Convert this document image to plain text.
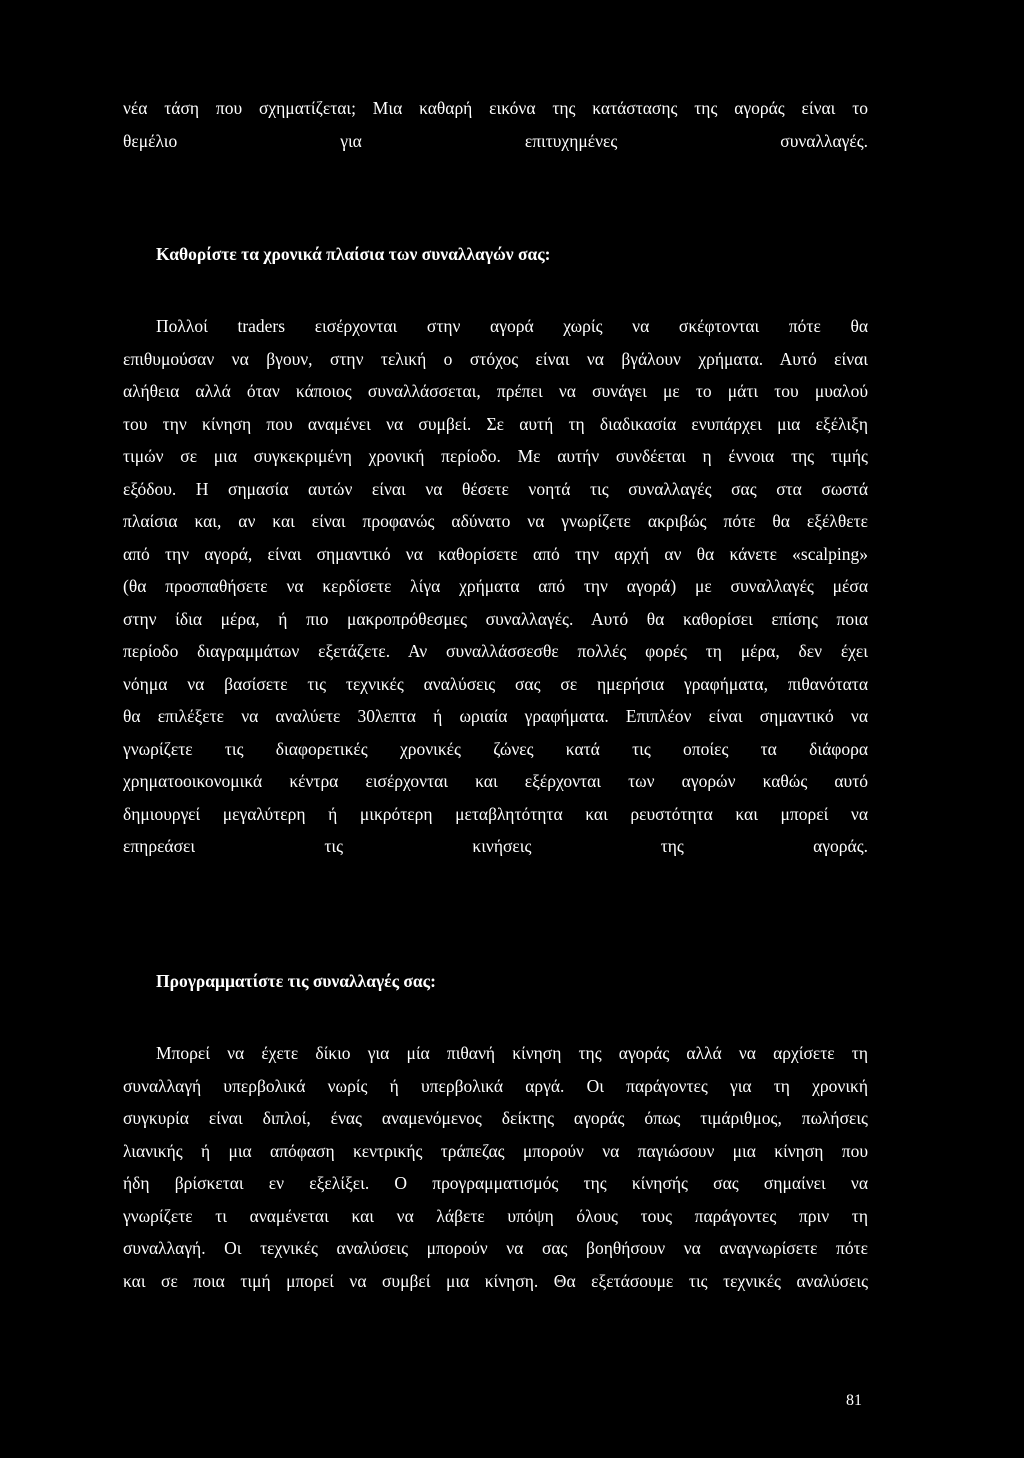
νέα τάση που σχηματίζεται; Μια καθαρή εικόνα της κατάστασης της αγοράς είναι το
θεμέλιο για επιτυχημένες συναλλαγές.
Καθορίστε τα χρονικά πλαίσια των συναλλαγών σας:
Πολλοί traders εισέρχονται στην αγορά χωρίς να σκέφτονται πότε θα
επιθυμούσαν να βγουν, στην τελική ο στόχος είναι να βγάλουν χρήματα. Αυτό είναι
αλήθεια αλλά όταν κάποιος συναλλάσσεται, πρέπει να συνάγει με το μάτι του μυαλού
του την κίνηση που αναμένει να συμβεί. Σε αυτή τη διαδικασία ενυπάρχει μια εξέλιξη
τιμών σε μια συγκεκριμένη χρονική περίοδο. Με αυτήν συνδέεται η έννοια της τιμής
εξόδου. Η σημασία αυτών είναι να θέσετε νοητά τις συναλλαγές σας στα σωστά
πλαίσια και, αν και είναι προφανώς αδύνατο να γνωρίζετε ακριβώς πότε θα εξέλθετε
από την αγορά, είναι σημαντικό να καθορίσετε από την αρχή αν θα κάνετε «scalping»
(θα προσπαθήσετε να κερδίσετε λίγα χρήματα από την αγορά) με συναλλαγές μέσα
στην ίδια μέρα, ή πιο μακροπρόθεσμες συναλλαγές. Αυτό θα καθορίσει επίσης ποια
περίοδο διαγραμμάτων εξετάζετε. Αν συναλλάσσεσθε πολλές φορές τη μέρα, δεν έχει
νόημα να βασίσετε τις τεχνικές αναλύσεις σας σε ημερήσια γραφήματα, πιθανότατα
θα επιλέξετε να αναλύετε 30λεπτα ή ωριαία γραφήματα. Επιπλέον είναι σημαντικό να
γνωρίζετε τις διαφορετικές χρονικές ζώνες κατά τις οποίες τα διάφορα
χρηματοοικονομικά κέντρα εισέρχονται και εξέρχονται των αγορών καθώς αυτό
δημιουργεί μεγαλύτερη ή μικρότερη μεταβλητότητα και ρευστότητα και μπορεί να
επηρεάσει τις κινήσεις της αγοράς.
Προγραμματίστε τις συναλλαγές σας:
Μπορεί να έχετε δίκιο για μία πιθανή κίνηση της αγοράς αλλά να αρχίσετε τη
συναλλαγή υπερβολικά νωρίς ή υπερβολικά αργά. Οι παράγοντες για τη χρονική
συγκυρία είναι διπλοί, ένας αναμενόμενος δείκτης αγοράς όπως τιμάριθμος, πωλήσεις
λιανικής ή μια απόφαση κεντρικής τράπεζας μπορούν να παγιώσουν μια κίνηση που
ήδη βρίσκεται εν εξελίξει. Ο προγραμματισμός της κίνησής σας σημαίνει να
γνωρίζετε τι αναμένεται και να λάβετε υπόψη όλους τους παράγοντες πριν τη
συναλλαγή. Οι τεχνικές αναλύσεις μπορούν να σας βοηθήσουν να αναγνωρίσετε πότε
και σε ποια τιμή μπορεί να συμβεί μια κίνηση. Θα εξετάσουμε τις τεχνικές αναλύσεις
81
